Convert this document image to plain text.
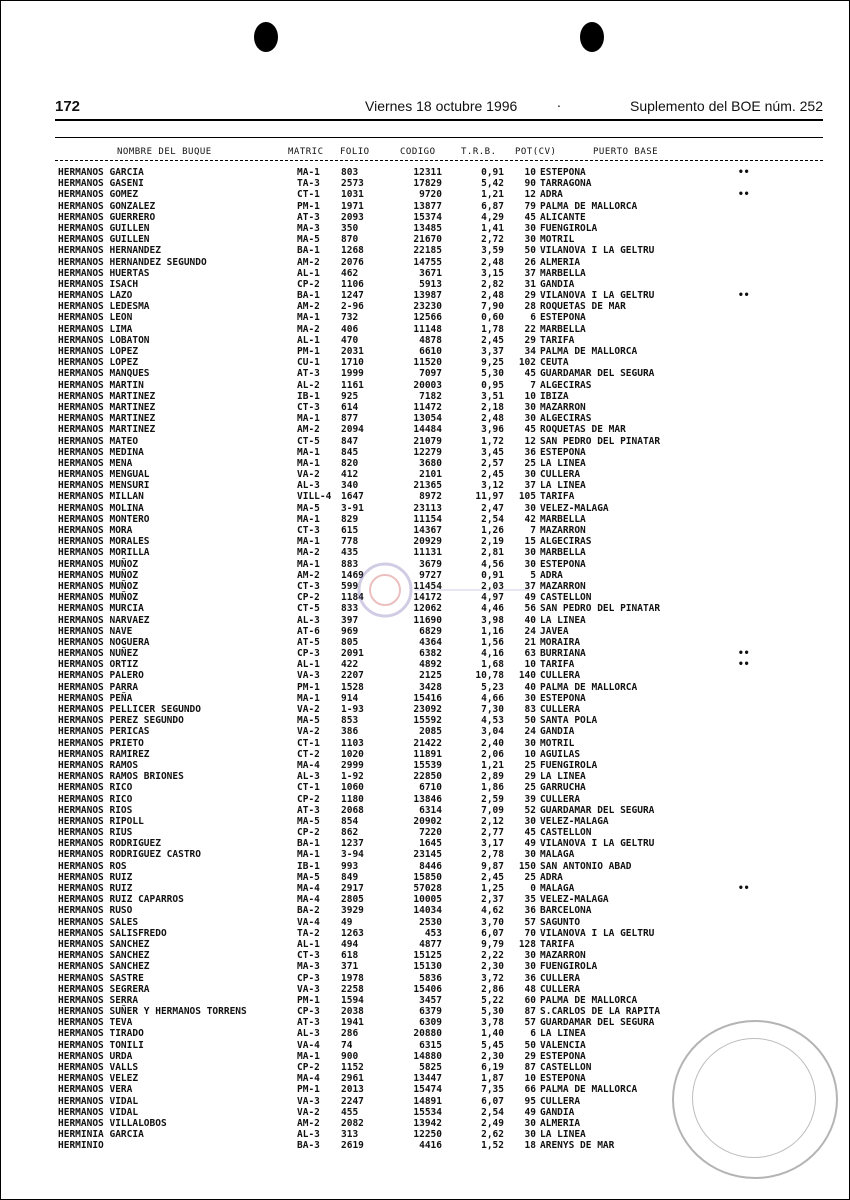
172	Viernes 18 octubre 1996	.	Suplemento del BOE núm. 252
NOMBRE DEL BUQUE	MATRIC FOLIO	CODIGO	T.R.B. POT(CV)	PUERTO BASE
HERMANOS GARCIA	MA-1 803	12311	0,91	10 ESTEPONA	••
HERMANOS GASENI	TA-3 2573	17829	5,42	90 TARRAGONA
HERMANOS GOMEZ	CT-1 1031	9720	1,21	12 ADRA	••
HERMANOS GONZALEZ	PM-1 1971	13877	6,87	79 PALMA DE MALLORCA
HERMANOS GUERRERO	AT-3 2093	15374	4,29	45 ALICANTE
HERMANOS GUILLEN	MA-3 350	13485	1,41	30 FUENGIROLA
HERMANOS GUILLEN	MA-5 870	21670	2,72	30 MOTRIL
HERMANOS HERNANDEZ	BA-1 1268	22185	3,59	50 VILANOVA I LA GELTRU
HERMANOS HERNANDEZ SEGUNDO	AM-2 2076	14755	2,48	26 ALMERIA
HERMANOS HUERTAS	AL-1 462	3671	3,15	37 MARBELLA
HERMANOS ISACH	CP-2 1106	5913	2,82	31 GANDIA
HERMANOS LAZO	BA-1 1247	13987	2,48	29 VILANOVA I LA GELTRU	••
HERMANOS LEDESMA	AM-2 2-96	23230	7,90	28 ROQUETAS DE MAR
HERMANOS LEON	MA-1 732	12566	0,60	6 ESTEPONA
HERMANOS LIMA	MA-2 406	11148	1,78	22 MARBELLA
HERMANOS LOBATON	AL-1 470	4878	2,45	29 TARIFA
HERMANOS LOPEZ	PM-1 2031	6610	3,37	34 PALMA DE MALLORCA
HERMANOS LOPEZ	CU-1 1710	11520	9,25	102 CEUTA
HERMANOS MANQUES	AT-3 1999	7097	5,30	45 GUARDAMAR DEL SEGURA
HERMANOS MARTIN	AL-2 1161	20003	0,95	7 ALGECIRAS
HERMANOS MARTINEZ	IB-1 925	7182	3,51	10 IBIZA
HERMANOS MARTINEZ	CT-3 614	11472	2,18	30 MAZARRON
HERMANOS MARTINEZ	MA-1 877	13054	2,48	30 ALGECIRAS
HERMANOS MARTINEZ	AM-2 2094	14484	3,96	45 ROQUETAS DE MAR
HERMANOS MATEO	CT-5 847	21079	1,72	12 SAN PEDRO DEL PINATAR
HERMANOS MEDINA	MA-1 845	12279	3,45	36 ESTEPONA
HERMANOS MENA	MA-1 820	3680	2,57	25 LA LINEA
HERMANOS MENGUAL	VA-2 412	2101	2,45	30 CULLERA
HERMANOS MENSURI	AL-3 340	21365	3,12	37 LA LINEA
HERMANOS MILLAN	VILL-4 1647	8972	11,97	105 TARIFA
HERMANOS MOLINA	MA-5 3-91	23113	2,47	30 VELEZ-MALAGA
HERMANOS MONTERO	MA-1 829	11154	2,54	42 MARBELLA
HERMANOS MORA	CT-3 615	14367	1,26	7 MAZARRON
HERMANOS MORALES	MA-1 778	20929	2,19	15 ALGECIRAS
HERMANOS MORILLA	MA-2 435	11131	2,81	30 MARBELLA
HERMANOS MUÑOZ	MA-1 883	3679	4,56	30 ESTEPONA
HERMANOS MUÑOZ	AM-2 1469	9727	0,91	5 ADRA
HERMANOS MUÑOZ	CT-3 599	11454	2,03	37 MAZARRON
HERMANOS MUÑOZ	CP-2 1184	14172	4,97	49 CASTELLON
HERMANOS MURCIA	CT-5 833	12062	4,46	56 SAN PEDRO DEL PINATAR
HERMANOS NARVAEZ	AL-3 397	11690	3,98	40 LA LINEA
HERMANOS NAVE	AT-6 969	6829	1,16	24 JAVEA
HERMANOS NOGUERA	AT-5 805	4364	1,56	21 MORAIRA
HERMANOS NUÑEZ	CP-3 2091	6382	4,16	63 BURRIANA	••
HERMANOS ORTIZ	AL-1 422	4892	1,68	10 TARIFA	••
HERMANOS PALERO	VA-3 2207	2125	10,78	140 CULLERA
HERMANOS PARRA	PM-1 1528	3428	5,23	40 PALMA DE MALLORCA
HERMANOS PEÑA	MA-1 914	15416	4,66	30 ESTEPONA
HERMANOS PELLICER SEGUNDO	VA-2 1-93	23092	7,30	83 CULLERA
HERMANOS PEREZ SEGUNDO	MA-5 853	15592	4,53	50 SANTA POLA
HERMANOS PERICAS	VA-2 386	2085	3,04	24 GANDIA
HERMANOS PRIETO	CT-1 1103	21422	2,40	30 MOTRIL
HERMANOS RAMIREZ	CT-2 1020	11891	2,06	10 AGUILAS
HERMANOS RAMOS	MA-4 2999	15539	1,21	25 FUENGIROLA
HERMANOS RAMOS BRIONES	AL-3 1-92	22850	2,89	29 LA LINEA
HERMANOS RICO	CT-1 1060	6710	1,86	25 GARRUCHA
HERMANOS RICO	CP-2 1180	13846	2,59	39 CULLERA
HERMANOS RIOS	AT-3 2068	6314	7,09	52 GUARDAMAR DEL SEGURA
HERMANOS RIPOLL	MA-5 854	20902	2,12	30 VELEZ-MALAGA
HERMANOS RIUS	CP-2 862	7220	2,77	45 CASTELLON
HERMANOS RODRIGUEZ	BA-1 1237	1645	3,17	49 VILANOVA I LA GELTRU
HERMANOS RODRIGUEZ CASTRO	MA-1 3-94	23145	2,78	30 MALAGA
HERMANOS ROS	IB-1 993	8446	9,87	150 SAN ANTONIO ABAD
HERMANOS RUIZ	MA-5 849	15850	2,45	25 ADRA
HERMANOS RUIZ	MA-4 2917	57028	1,25	0 MALAGA	••
HERMANOS RUIZ CAPARROS	MA-4 2805	10005	2,37	35 VELEZ-MALAGA
HERMANOS RUSO	BA-2 3929	14034	4,62	36 BARCELONA
HERMANOS SALES	VA-4 49	2530	3,70	57 SAGUNTO
HERMANOS SALISFREDO	TA-2 1263	453	6,07	70 VILANOVA I LA GELTRU
HERMANOS SANCHEZ	AL-1 494	4877	9,79	128 TARIFA
HERMANOS SANCHEZ	CT-3 618	15125	2,22	30 MAZARRON
HERMANOS SANCHEZ	MA-3 371	15130	2,30	30 FUENGIROLA
HERMANOS SASTRE	CP-3 1978	5836	3,72	36 CULLERA
HERMANOS SEGRERA	VA-3 2258	15406	2,86	48 CULLERA
HERMANOS SERRA	PM-1 1594	3457	5,22	60 PALMA DE MALLORCA
HERMANOS SUÑER Y HERMANOS TORRENS	CP-3 2038	6379	5,30	87 S.CARLOS DE LA RAPITA
HERMANOS TEVA	AT-3 1941	6309	3,78	57 GUARDAMAR DEL SEGURA
HERMANOS TIRADO	AL-3 286	20880	1,40	6 LA LINEA
HERMANOS TONILI	VA-4 74	6315	5,45	50 VALENCIA
HERMANOS URDA	MA-1 900	14880	2,30	29 ESTEPONA
HERMANOS VALLS	CP-2 1152	5825	6,19	87 CASTELLON
HERMANOS VELEZ	MA-4 2961	13447	1,87	10 ESTEPONA
HERMANOS VERA	PM-1 2013	15474	7,35	66 PALMA DE MALLORCA
HERMANOS VIDAL	VA-3 2247	14891	6,07	95 CULLERA
HERMANOS VIDAL	VA-2 455	15534	2,54	49 GANDIA
HERMANOS VILLALOBOS	AM-2 2082	13942	2,49	30 ALMERIA
HERMINIA GARCIA	AL-3 313	12250	2,62	30 LA LINEA
HERMINIO	BA-3 2619	4416	1,52	18 ARENYS DE MAR
